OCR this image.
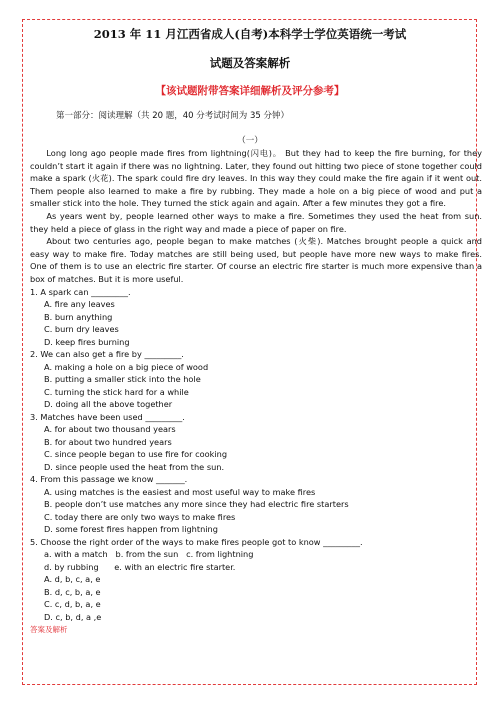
2013 年 11 月江西省成人(自考)本科学士学位英语统一考试
试题及答案解析
【该试题附带答案详细解析及评分参考】
第一部分：阅读理解（共 20 题，40 分考试时间为 35 分钟）
（一）

Long long ago people made fires from lightning(闪电)。 But they had to keep the fire burning, for they couldn’t start it again if there was no lightning. Later, they found out hitting two piece of stone together could make a spark (火花). The spark could fire dry leaves. In this way they could make the fire again if it went out. Them people also learned to make a fire by rubbing. They made a hole on a big piece of wood and put a smaller stick into the hole. They turned the stick again and again. After a few minutes they got a fire.

As years went by, people learned other ways to make a fire. Sometimes they used the heat from sun. they held a piece of glass in the right way and made a piece of paper on fire.

About two centuries ago, people began to make matches (火柴). Matches brought people a quick and easy way to make fire. Today matches are still being used, but people have more new ways to make fires. One of them is to use an electric fire starter. Of course an electric fire starter is much more expensive than a box of matches. But it is more useful.

1. A spark can _________.

A. fire any leaves

B. burn anything

C. burn dry leaves

D. keep fires burning

2. We can also get a fire by _________.

A. making a hole on a big piece of wood

B. putting a smaller stick into the hole

C. turning the stick hard for a while

D. doing all the above together

3. Matches have been used _________.

A. for about two thousand years

B. for about two hundred years

C. since people began to use fire for cooking

D. since people used the heat from the sun.

4. From this passage we know _______.

A. using matches is the easiest and most useful way to make fires

B. people don’t use matches any more since they had electric fire starters

C. today there are only two ways to make fires

D. some forest fires happen from lightning

5. Choose the right order of the ways to make fires people got to know _________.

a. with a match   b. from the sun   c. from lightning

d. by rubbing      e. with an electric fire starter.

A. d, b, c, a, e

B. d, c, b, a, e

C. c, d, b, a, e

D. c, b, d, a ,e

答案及解析
